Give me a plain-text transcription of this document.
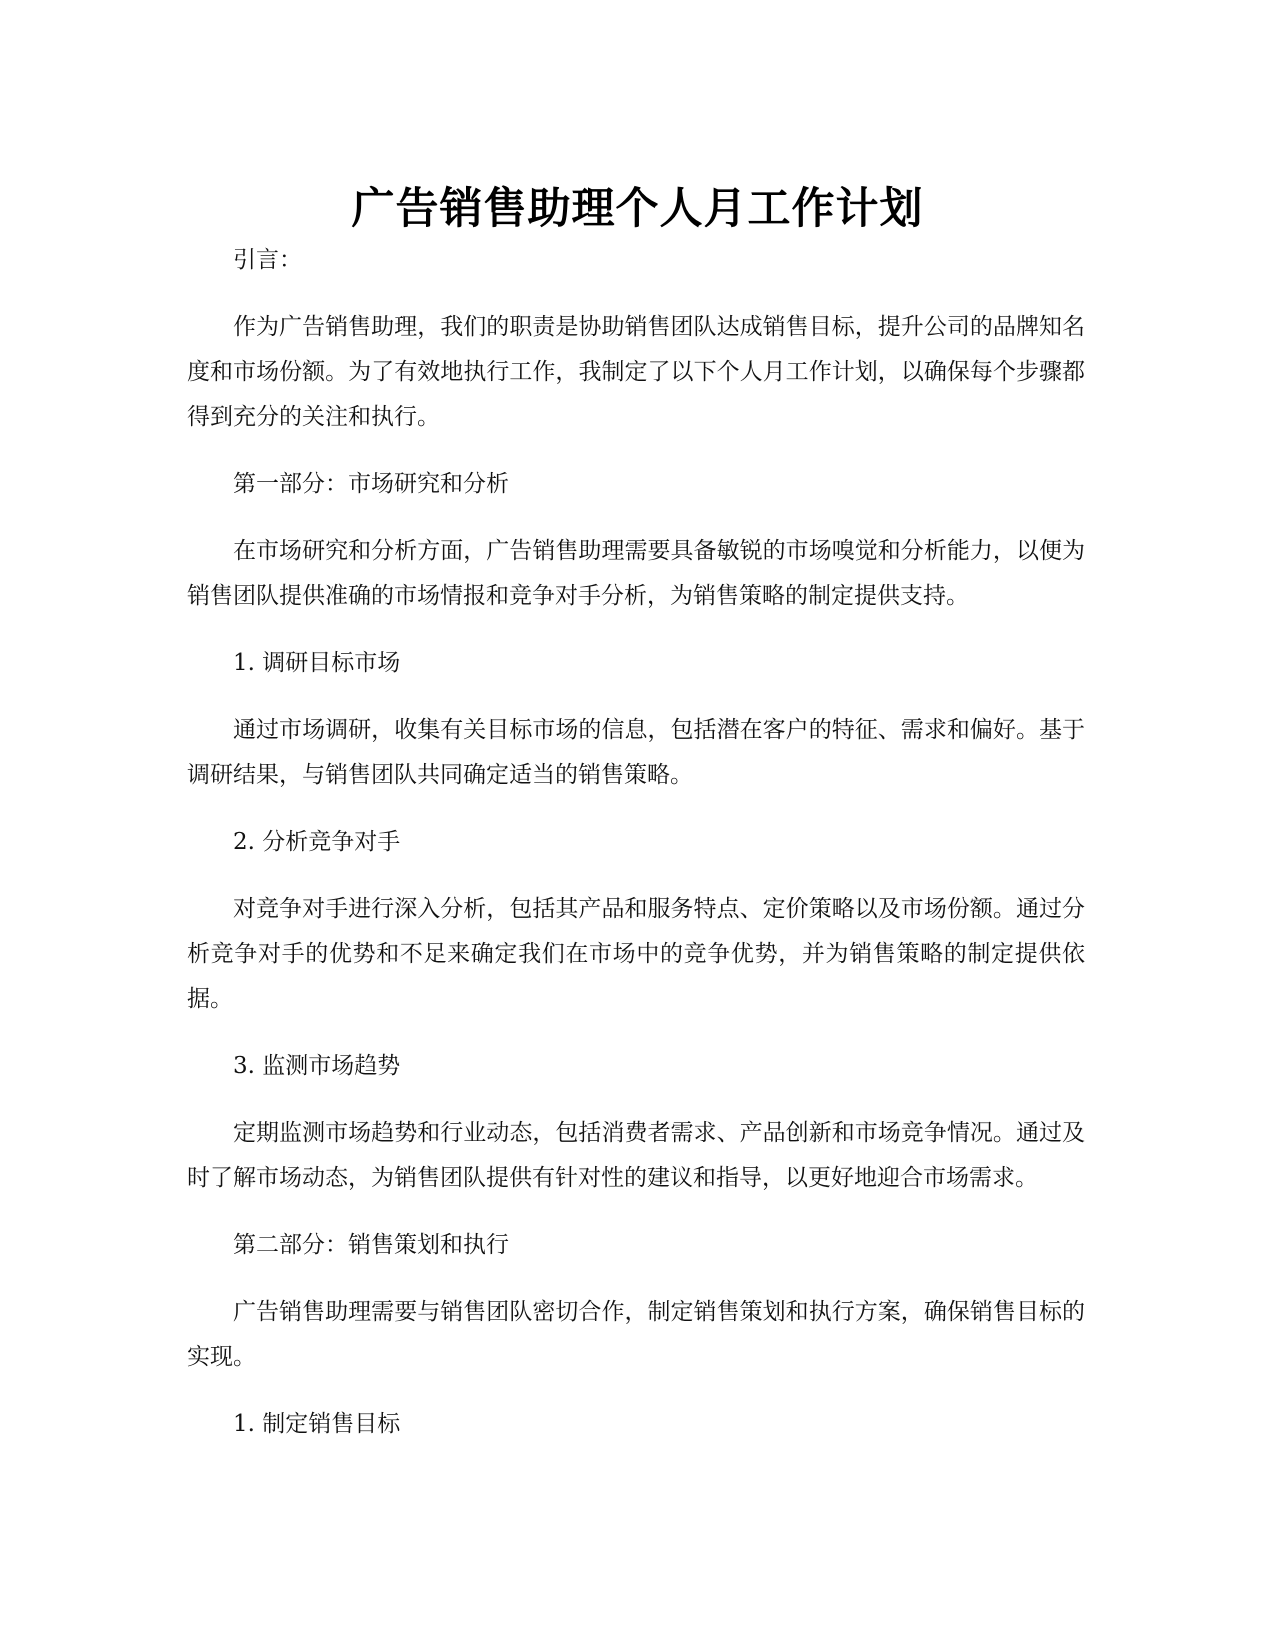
广告销售助理个人月工作计划

引言：

作为广告销售助理，我们的职责是协助销售团队达成销售目标，提升公司的品牌知名度和市场份额。为了有效地执行工作，我制定了以下个人月工作计划，以确保每个步骤都得到充分的关注和执行。

第一部分：市场研究和分析

在市场研究和分析方面，广告销售助理需要具备敏锐的市场嗅觉和分析能力，以便为销售团队提供准确的市场情报和竞争对手分析，为销售策略的制定提供支持。

1. 调研目标市场

通过市场调研，收集有关目标市场的信息，包括潜在客户的特征、需求和偏好。基于调研结果，与销售团队共同确定适当的销售策略。

2. 分析竞争对手

对竞争对手进行深入分析，包括其产品和服务特点、定价策略以及市场份额。通过分析竞争对手的优势和不足来确定我们在市场中的竞争优势，并为销售策略的制定提供依据。

3. 监测市场趋势

定期监测市场趋势和行业动态，包括消费者需求、产品创新和市场竞争情况。通过及时了解市场动态，为销售团队提供有针对性的建议和指导，以更好地迎合市场需求。

第二部分：销售策划和执行

广告销售助理需要与销售团队密切合作，制定销售策划和执行方案，确保销售目标的实现。

1. 制定销售目标
